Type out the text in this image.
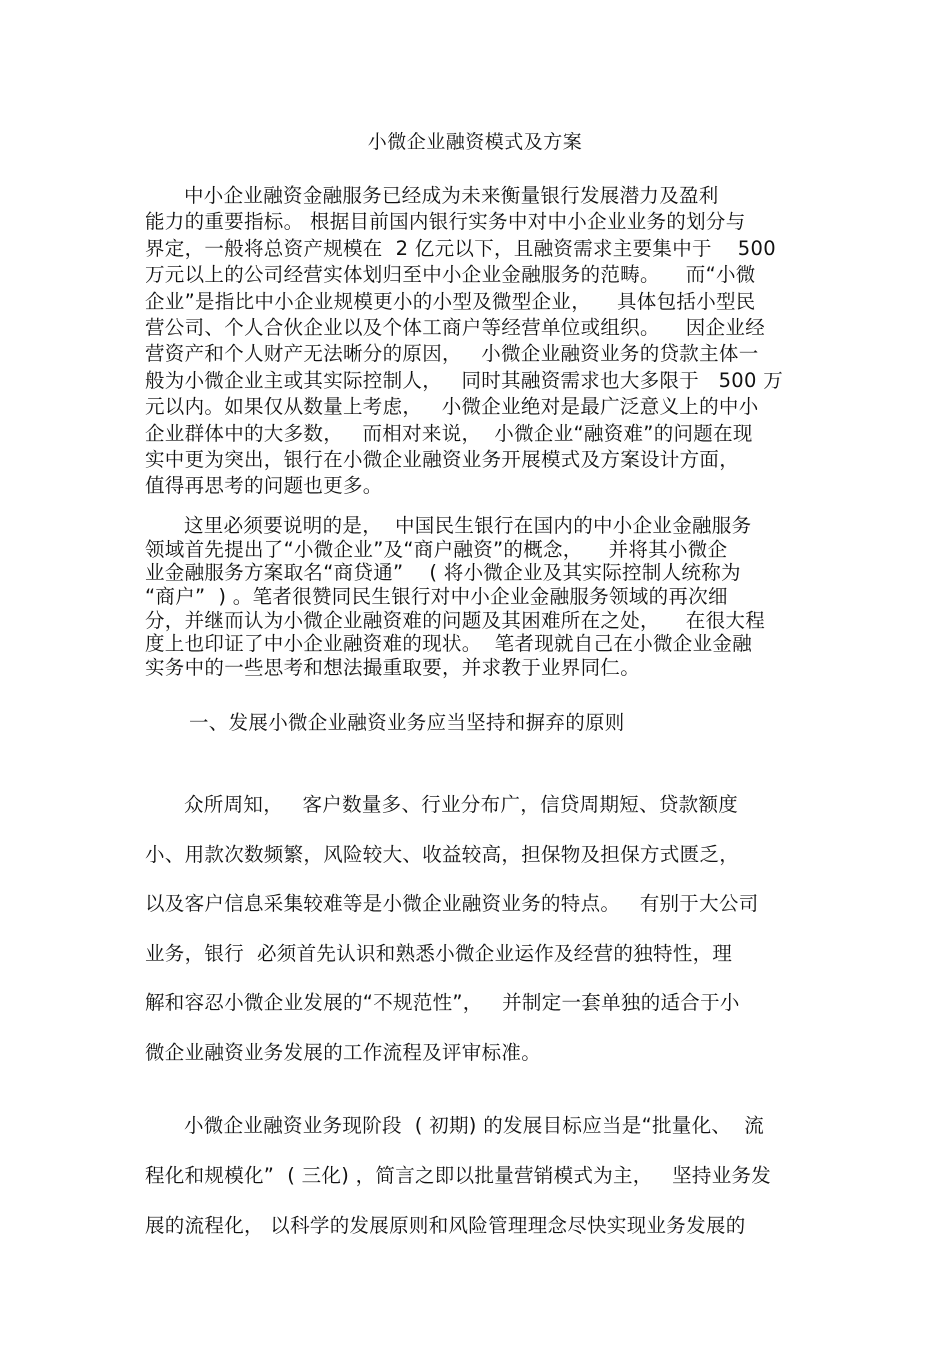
小微企业融资模式及方案
中小企业融资金融服务已经成为未来衡量银行发展潜力及盈利
能力的重要指标。 根据目前国内银行实务中对中小企业业务的划分与
界定，一般将总资产规模在  2 亿元以下，且融资需求主要集中于    500
万元以上的公司经营实体划归至中小企业金融服务的范畴。    而“小微
企业”是指比中小企业规模更小的小型及微型企业，    具体包括小型民
营公司、个人合伙企业以及个体工商户等经营单位或组织。    因企业经
营资产和个人财产无法晰分的原因，   小微企业融资业务的贷款主体一
般为小微企业主或其实际控制人，   同时其融资需求也大多限于   500 万
元以内。如果仅从数量上考虑，   小微企业绝对是最广泛意义上的中小
企业群体中的大多数，   而相对来说，  小微企业“融资难”的问题在现
实中更为突出，银行在小微企业融资业务开展模式及方案设计方面，
值得再思考的问题也更多。
这里必须要说明的是，  中国民生银行在国内的中小企业金融服务
领域首先提出了“小微企业”及“商户融资”的概念，    并将其小微企
业金融服务方案取名“商贷通”    ( 将小微企业及其实际控制人统称为
“商户”  ) 。笔者很赞同民生银行对中小企业金融服务领域的再次细
分，并继而认为小微企业融资难的问题及其困难所在之处，    在很大程
度上也印证了中小企业融资难的现状。  笔者现就自己在小微企业金融
实务中的一些思考和想法撮重取要，并求教于业界同仁。
一、发展小微企业融资业务应当坚持和摒弃的原则
众所周知，   客户数量多、行业分布广，信贷周期短、贷款额度
小、用款次数频繁，风险较大、收益较高，担保物及担保方式匮乏，
以及客户信息采集较难等是小微企业融资业务的特点。   有别于大公司
业务，银行  必须首先认识和熟悉小微企业运作及经营的独特性，理
解和容忍小微企业发展的“不规范性”，   并制定一套单独的适合于小
微企业融资业务发展的工作流程及评审标准。
小微企业融资业务现阶段  ( 初期) 的发展目标应当是“批量化、  流
程化和规模化”  ( 三化) ，简言之即以批量营销模式为主，   坚持业务发
展的流程化， 以科学的发展原则和风险管理理念尽快实现业务发展的
